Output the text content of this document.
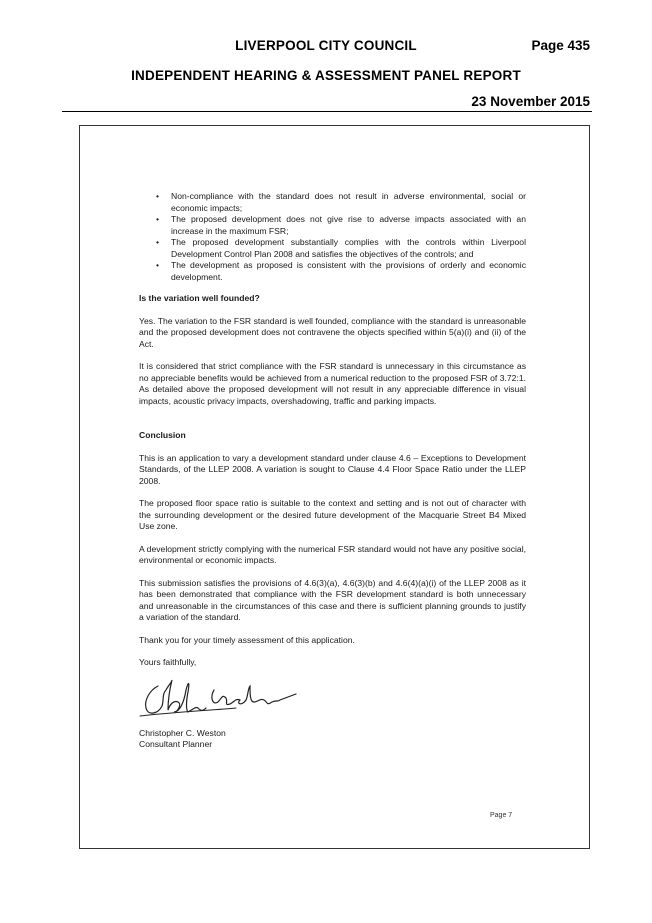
LIVERPOOL CITY COUNCIL	Page 435
INDEPENDENT HEARING & ASSESSMENT PANEL REPORT
23 November 2015
• Non-compliance with the standard does not result in adverse environmental, social or economic impacts;
• The proposed development does not give rise to adverse impacts associated with an increase in the maximum FSR;
• The proposed development substantially complies with the controls within Liverpool Development Control Plan 2008 and satisfies the objectives of the controls; and
• The development as proposed is consistent with the provisions of orderly and economic development.

Is the variation well founded?

Yes. The variation to the FSR standard is well founded, compliance with the standard is unreasonable and the proposed development does not contravene the objects specified within 5(a)(i) and (ii) of the Act.

It is considered that strict compliance with the FSR standard is unnecessary in this circumstance as no appreciable benefits would be achieved from a numerical reduction to the proposed FSR of 3.72:1. As detailed above the proposed development will not result in any appreciable difference in visual impacts, acoustic privacy impacts, overshadowing, traffic and parking impacts.

Conclusion

This is an application to vary a development standard under clause 4.6 – Exceptions to Development Standards, of the LLEP 2008. A variation is sought to Clause 4.4 Floor Space Ratio under the LLEP 2008.

The proposed floor space ratio is suitable to the context and setting and is not out of character with the surrounding development or the desired future development of the Macquarie Street B4 Mixed Use zone.

A development strictly complying with the numerical FSR standard would not have any positive social, environmental or economic impacts.

This submission satisfies the provisions of 4.6(3)(a), 4.6(3)(b) and 4.6(4)(a)(i) of the LLEP 2008 as it has been demonstrated that compliance with the FSR development standard is both unnecessary and unreasonable in the circumstances of this case and there is sufficient planning grounds to justify a variation of the standard.

Thank you for your timely assessment of this application.

Yours faithfully,

Christopher C. Weston
Consultant Planner
Page 7
